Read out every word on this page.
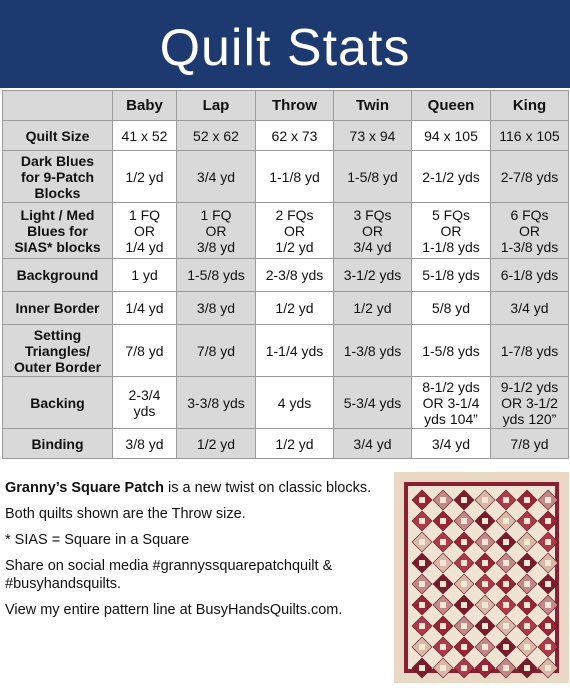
Quilt Stats
	Baby	Lap	Throw	Twin	Queen	King
Quilt Size	41 x 52	52 x 62	62 x 73	73 x 94	94 x 105	116 x 105
Dark Blues
for 9-Patch
Blocks	1/2 yd	3/4 yd	1-1/8 yd	1-5/8 yd	2-1/2 yds	2-7/8 yds
Light / Med
Blues for
SIAS* blocks	1 FQ
OR
1/4 yd	1 FQ
OR
3/8 yd	2 FQs
OR
1/2 yd	3 FQs
OR
3/4 yd	5 FQs
OR
1-1/8 yds	6 FQs
OR
1-3/8 yds
Background	1 yd	1-5/8 yds	2-3/8 yds	3-1/2 yds	5-1/8 yds	6-1/8 yds
Inner Border	1/4 yd	3/8 yd	1/2 yd	1/2 yd	5/8 yd	3/4 yd
Setting
Triangles/
Outer Border	7/8 yd	7/8 yd	1-1/4 yds	1-3/8 yds	1-5/8 yds	1-7/8 yds
Backing	2-3/4
yds	3-3/8 yds	4 yds	5-3/4 yds	8-1/2 yds
OR 3-1/4
yds 104”	9-1/2 yds
OR 3-1/2
yds 120”
Binding	3/8 yd	1/2 yd	1/2 yd	3/4 yd	3/4 yd	7/8 yd

Granny’s Square Patch is a new twist on classic blocks.

Both quilts shown are the Throw size.

* SIAS = Square in a Square

Share on social media #grannyssquarepatchquilt & #busyhandsquilts.

View my entire pattern line at BusyHandsQuilts.com.
